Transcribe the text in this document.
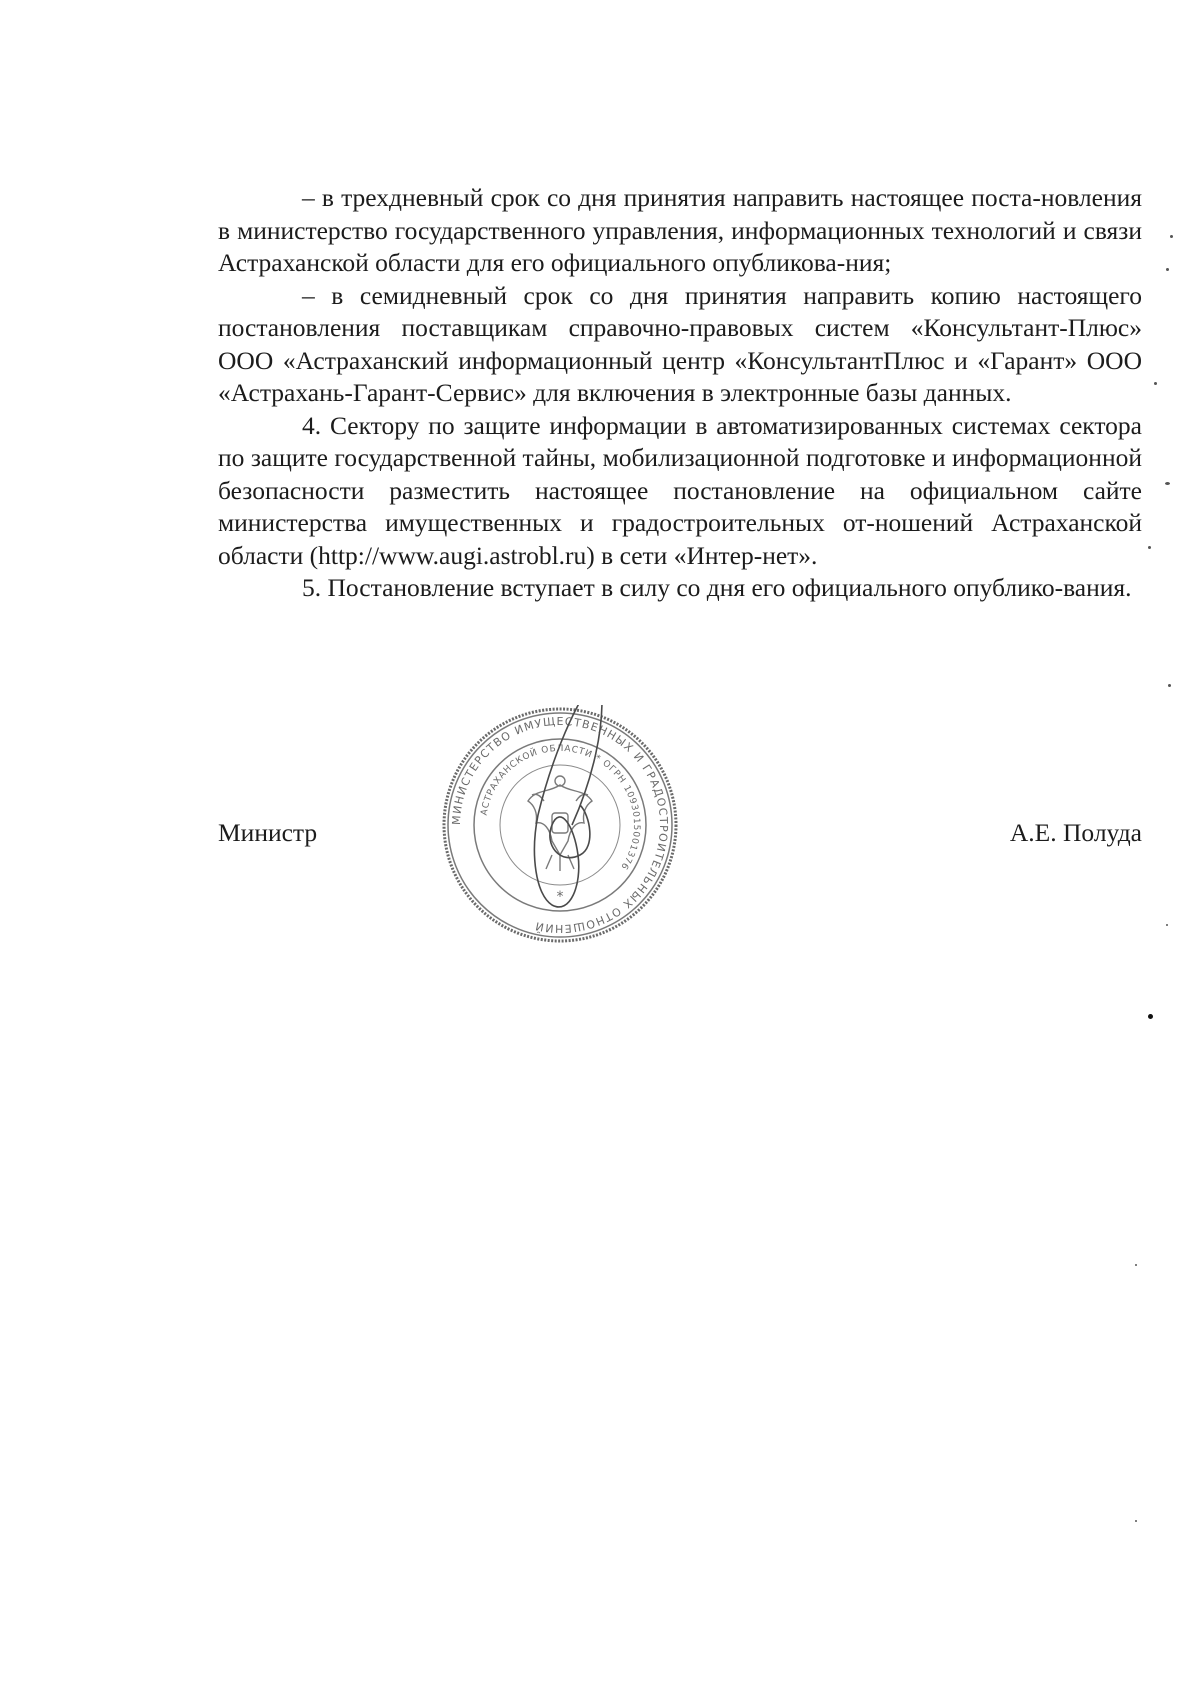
– в трехдневный срок со дня принятия направить настоящее поста-новления в министерство государственного управления, информационных технологий и связи Астраханской области для его официального опубликова-ния;

– в семидневный срок со дня принятия направить копию настоящего постановления поставщикам справочно-правовых систем «Консультант-Плюс» ООО «Астраханский информационный центр «КонсультантПлюс и «Гарант» ООО «Астрахань-Гарант-Сервис» для включения в электронные базы данных.

4. Сектору по защите информации в автоматизированных системах сектора по защите государственной тайны, мобилизационной подготовке и информационной безопасности разместить настоящее постановление на официальном сайте министерства имущественных и градостроительных от-ношений Астраханской области (http://www.augi.astrobl.ru) в сети «Интер-нет».

5. Постановление вступает в силу со дня его официального опублико-вания.

Министр	А.Е. Полуда
МИНИСТЕРСТВО ИМУЩЕСТВЕННЫХ И ГРАДОСТРОИТЕЛЬНЫХ ОТНОШЕНИЙ
АСТРАХАНСКОЙ ОБЛАСТИ * ОГРН 1093015001376
*
